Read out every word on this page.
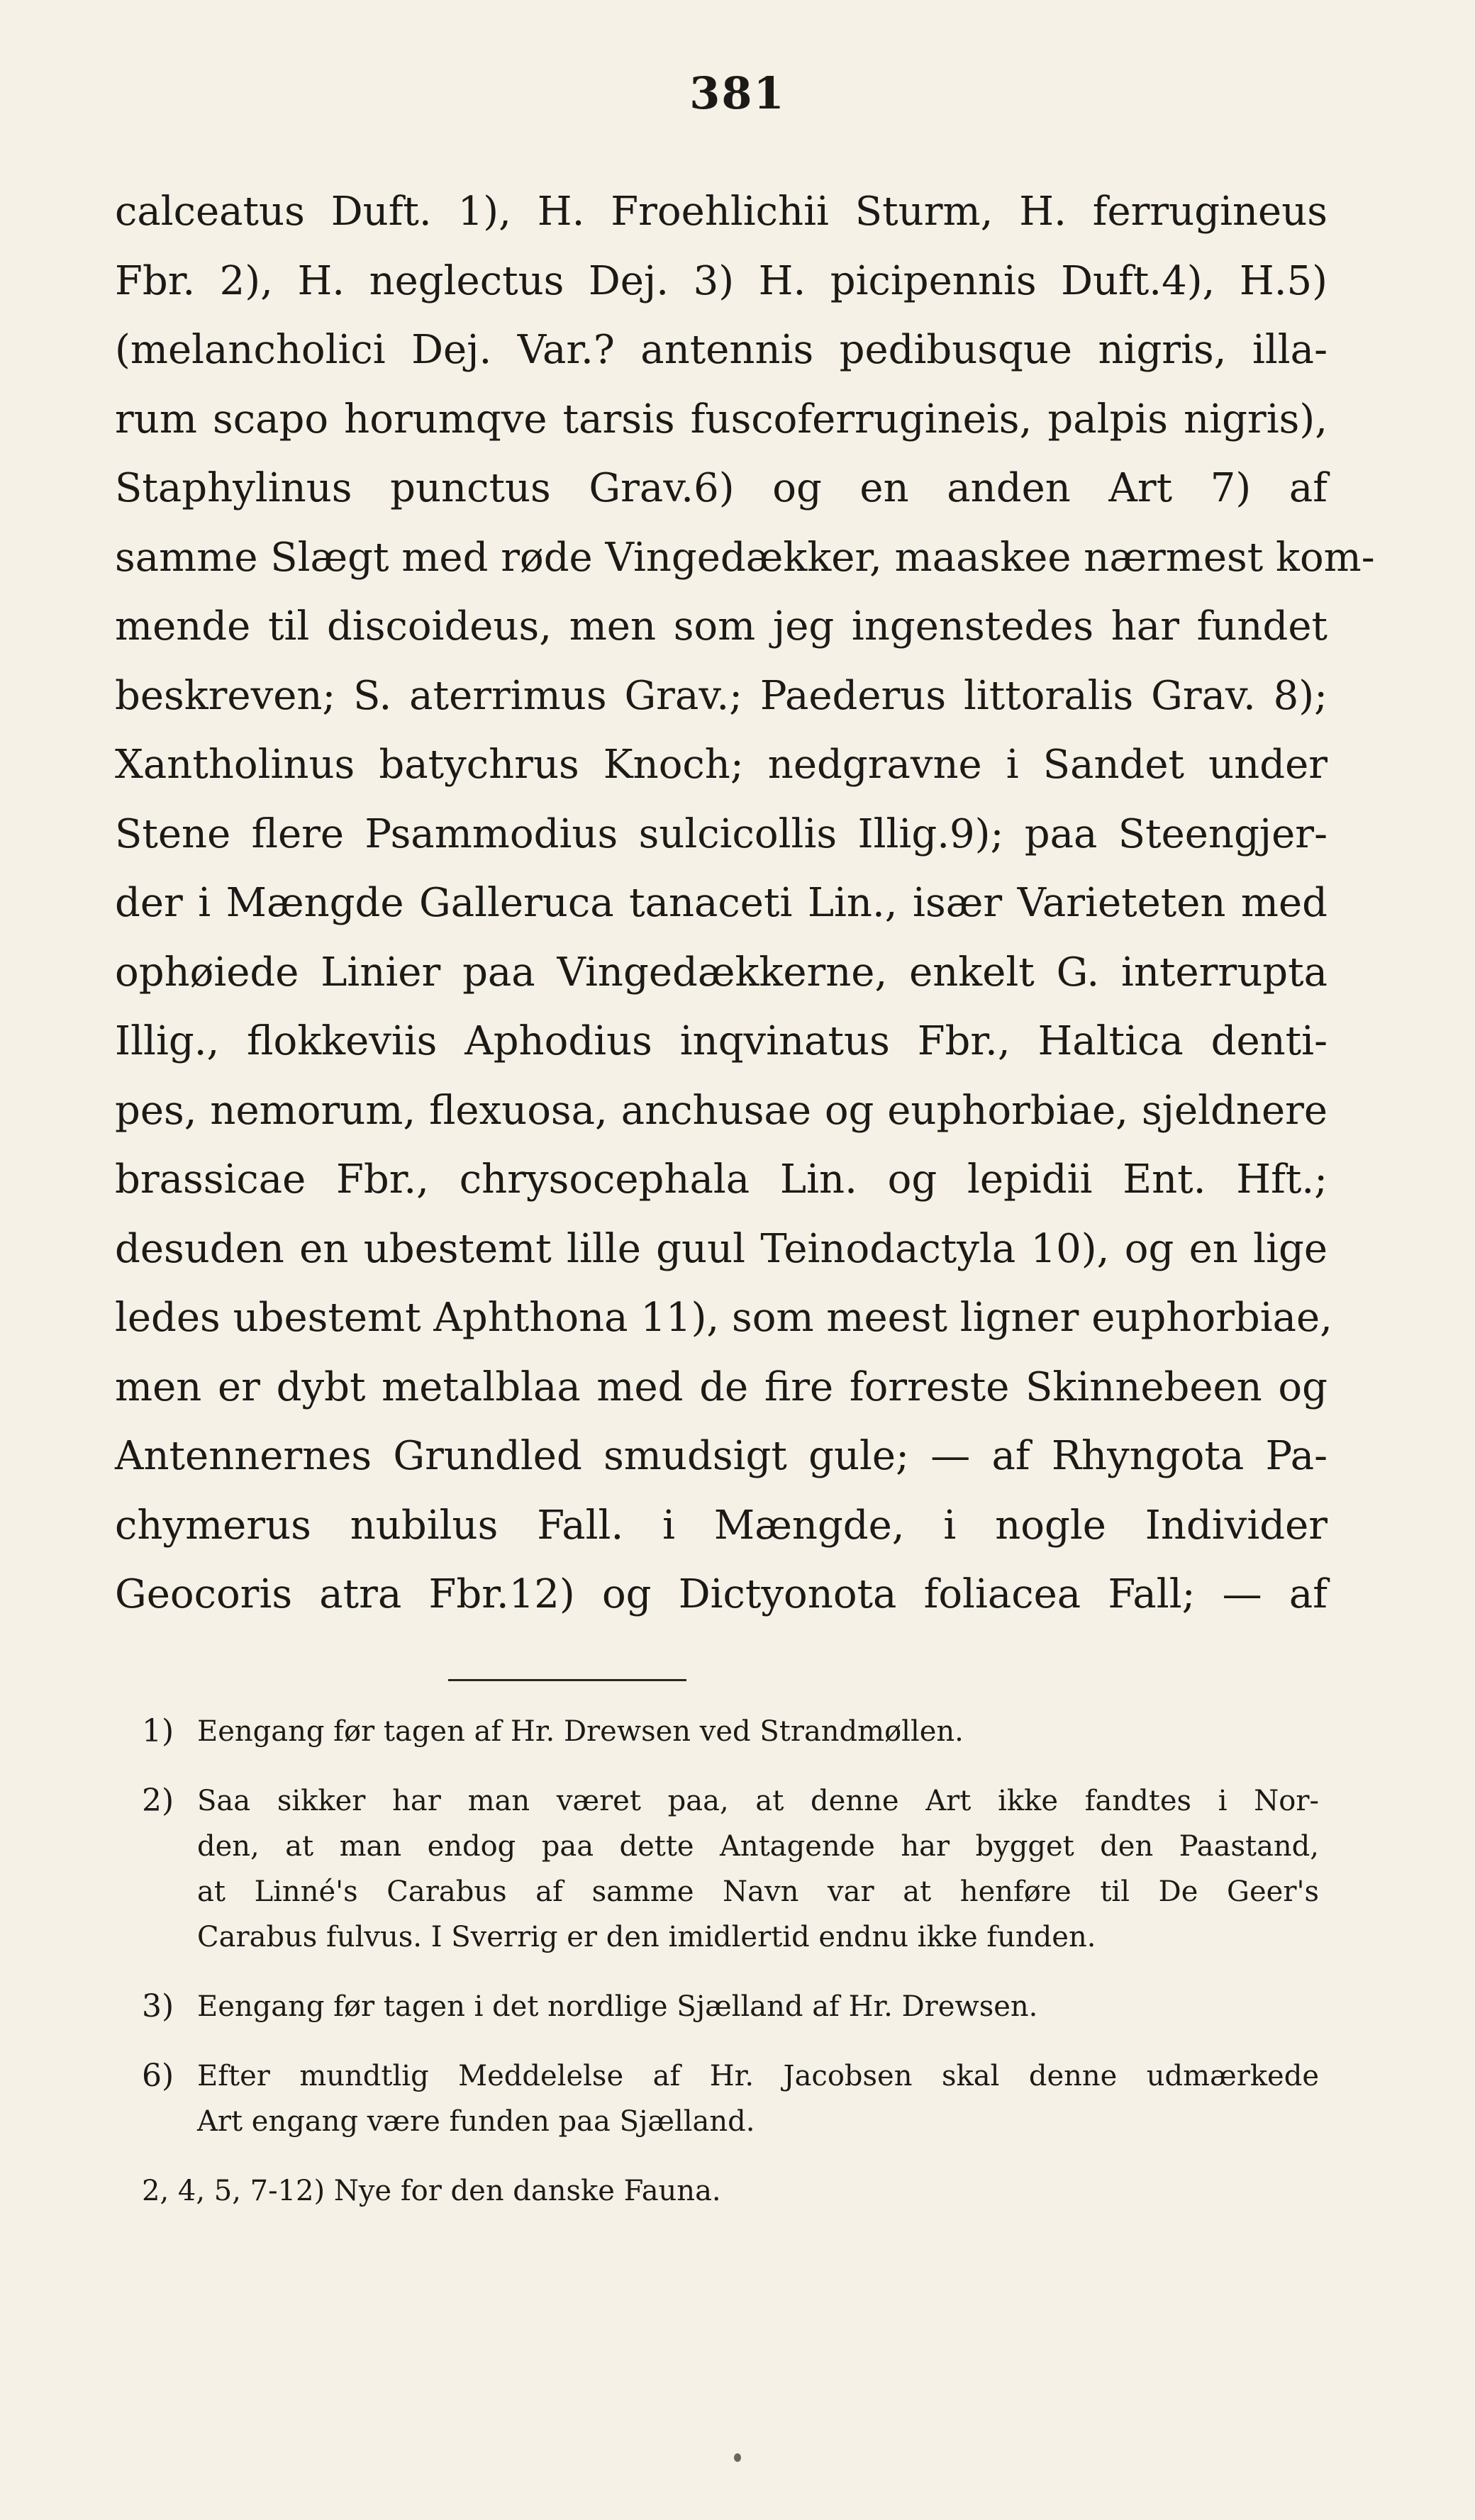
381
calceatus Duft. 1), H. Froehlichii Sturm, H. ferrugineus
Fbr. 2), H. neglectus Dej. 3) H. picipennis Duft.4), H.5)
(melancholici Dej. Var.? antennis pedibusque nigris, illa-
rum scapo horumqve tarsis fuscoferrugineis, palpis nigris),
Staphylinus punctus Grav.6) og en anden Art 7) af
samme Slægt med røde Vingedækker, maaskee nærmest kom-
mende til discoideus, men som jeg ingenstedes har fundet
beskreven; S. aterrimus Grav.; Paederus littoralis Grav. 8);
Xantholinus batychrus Knoch; nedgravne i Sandet under
Stene flere Psammodius sulcicollis Illig.9); paa Steengjer-
der i Mængde Galleruca tanaceti Lin., især Varieteten med
ophøiede Linier paa Vingedækkerne, enkelt G. interrupta
Illig., flokkeviis Aphodius inqvinatus Fbr., Haltica denti-
pes, nemorum, flexuosa, anchusae og euphorbiae, sjeldnere
brassicae Fbr., chrysocephala Lin. og lepidii Ent. Hft.;
desuden en ubestemt lille guul Teinodactyla 10), og en lige
ledes ubestemt Aphthona 11), som meest ligner euphorbiae,
men er dybt metalblaa med de fire forreste Skinnebeen og
Antennernes Grundled smudsigt gule; — af Rhyngota Pa-
chymerus nubilus Fall. i Mængde, i nogle Individer
Geocoris atra Fbr.12) og Dictyonota foliacea Fall; — af
1) Eengang før tagen af Hr. Drewsen ved Strandmøllen.
2) Saa sikker har man været paa, at denne Art ikke fandtes i Nor-
den, at man endog paa dette Antagende har bygget den Paastand,
at Linné's Carabus af samme Navn var at henføre til De Geer's
Carabus fulvus. I Sverrig er den imidlertid endnu ikke funden.
3) Eengang før tagen i det nordlige Sjælland af Hr. Drewsen.
6) Efter mundtlig Meddelelse af Hr. Jacobsen skal denne udmærkede
Art engang være funden paa Sjælland.
2, 4, 5, 7-12) Nye for den danske Fauna.
